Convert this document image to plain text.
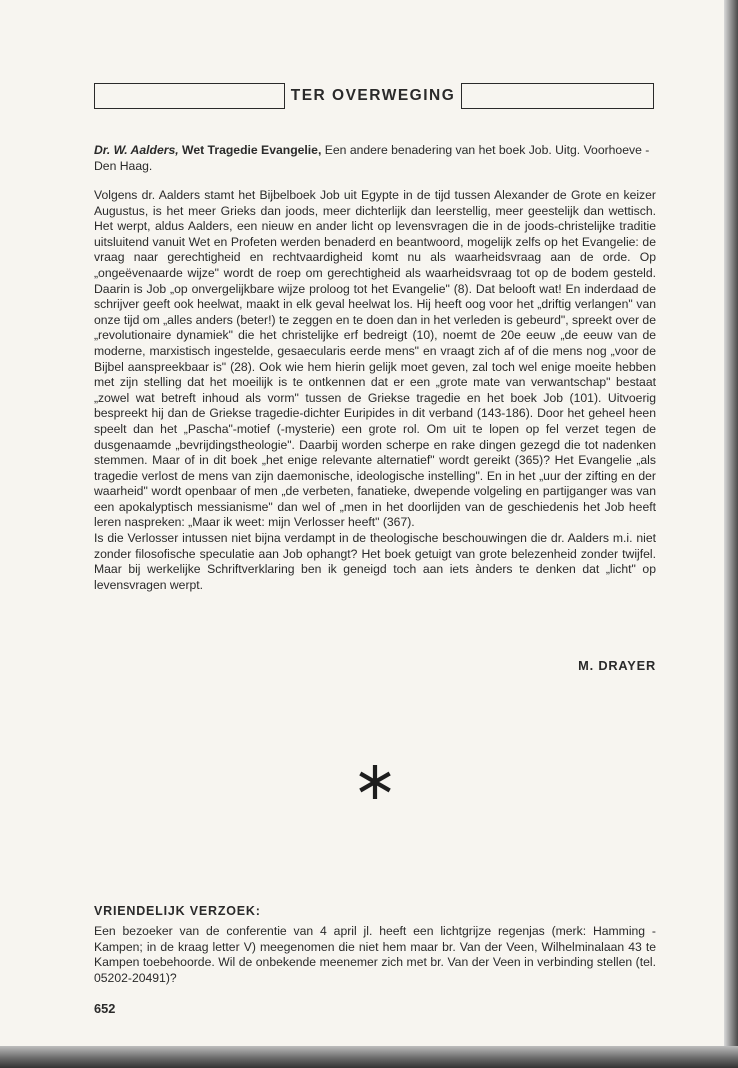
TER OVERWEGING
Dr. W. Aalders, Wet Tragedie Evangelie, Een andere benadering van het boek Job. Uitg. Voorhoeve - Den Haag.

Volgens dr. Aalders stamt het Bijbelboek Job uit Egypte in de tijd tussen Alexander de Grote en keizer Augustus, is het meer Grieks dan joods, meer dichterlijk dan leerstellig, meer geestelijk dan wettisch. Het werpt, aldus Aalders, een nieuw en ander licht op levensvragen die in de joods-christelijke traditie uitsluitend vanuit Wet en Profeten werden benaderd en beantwoord, mogelijk zelfs op het Evangelie: de vraag naar gerechtigheid en rechtvaardigheid komt nu als waarheidsvraag aan de orde. Op „ongeëvenaarde wijze" wordt de roep om gerechtigheid als waarheidsvraag tot op de bodem gesteld. Daarin is Job „op onvergelijkbare wijze proloog tot het Evangelie" (8). Dat belooft wat! En inderdaad de schrijver geeft ook heelwat, maakt in elk geval heelwat los. Hij heeft oog voor het „driftig verlangen" van onze tijd om „alles anders (beter!) te zeggen en te doen dan in het verleden is gebeurd", spreekt over de „revolutionaire dynamiek" die het christelijke erf bedreigt (10), noemt de 20e eeuw „de eeuw van de moderne, marxistisch ingestelde, gesaecularis eerde mens" en vraagt zich af of die mens nog „voor de Bijbel aanspreekbaar is" (28). Ook wie hem hierin gelijk moet geven, zal toch wel enige moeite hebben met zijn stelling dat het moeilijk is te ontkennen dat er een „grote mate van verwantschap" bestaat „zowel wat betreft inhoud als vorm" tussen de Griekse tragedie en het boek Job (101). Uitvoerig bespreekt hij dan de Griekse tragedie-dichter Euripides in dit verband (143-186). Door het geheel heen speelt dan het „Pascha"-motief (-mysterie) een grote rol. Om uit te lopen op fel verzet tegen de dusgenaamde „bevrijdingstheologie". Daarbij worden scherpe en rake dingen gezegd die tot nadenken stemmen. Maar of in dit boek „het enige relevante alternatief" wordt gereikt (365)? Het Evangelie „als tragedie verlost de mens van zijn daemonische, ideologische instelling". En in het „uur der zifting en der waarheid" wordt openbaar of men „de verbeten, fanatieke, dwepende volgeling en partijganger was van een apokalyptisch messianisme" dan wel of „men in het doorlijden van de geschiedenis het Job heeft leren naspreken: „Maar ik weet: mijn Verlosser heeft" (367).

Is die Verlosser intussen niet bijna verdampt in de theologische beschouwingen die dr. Aalders m.i. niet zonder filosofische speculatie aan Job ophangt? Het boek getuigt van grote belezenheid zonder twijfel. Maar bij werkelijke Schriftverklaring ben ik geneigd toch aan iets ànders te denken dat „licht" op levensvragen werpt.

M. DRAYER
VRIENDELIJK VERZOEK:
Een bezoeker van de conferentie van 4 april jl. heeft een lichtgrijze regenjas (merk: Hamming - Kampen; in de kraag letter V) meegenomen die niet hem maar br. Van der Veen, Wilhelminalaan 43 te Kampen toebehoorde. Wil de onbekende meenemer zich met br. Van der Veen in verbinding stellen (tel. 05202-20491)?
652
